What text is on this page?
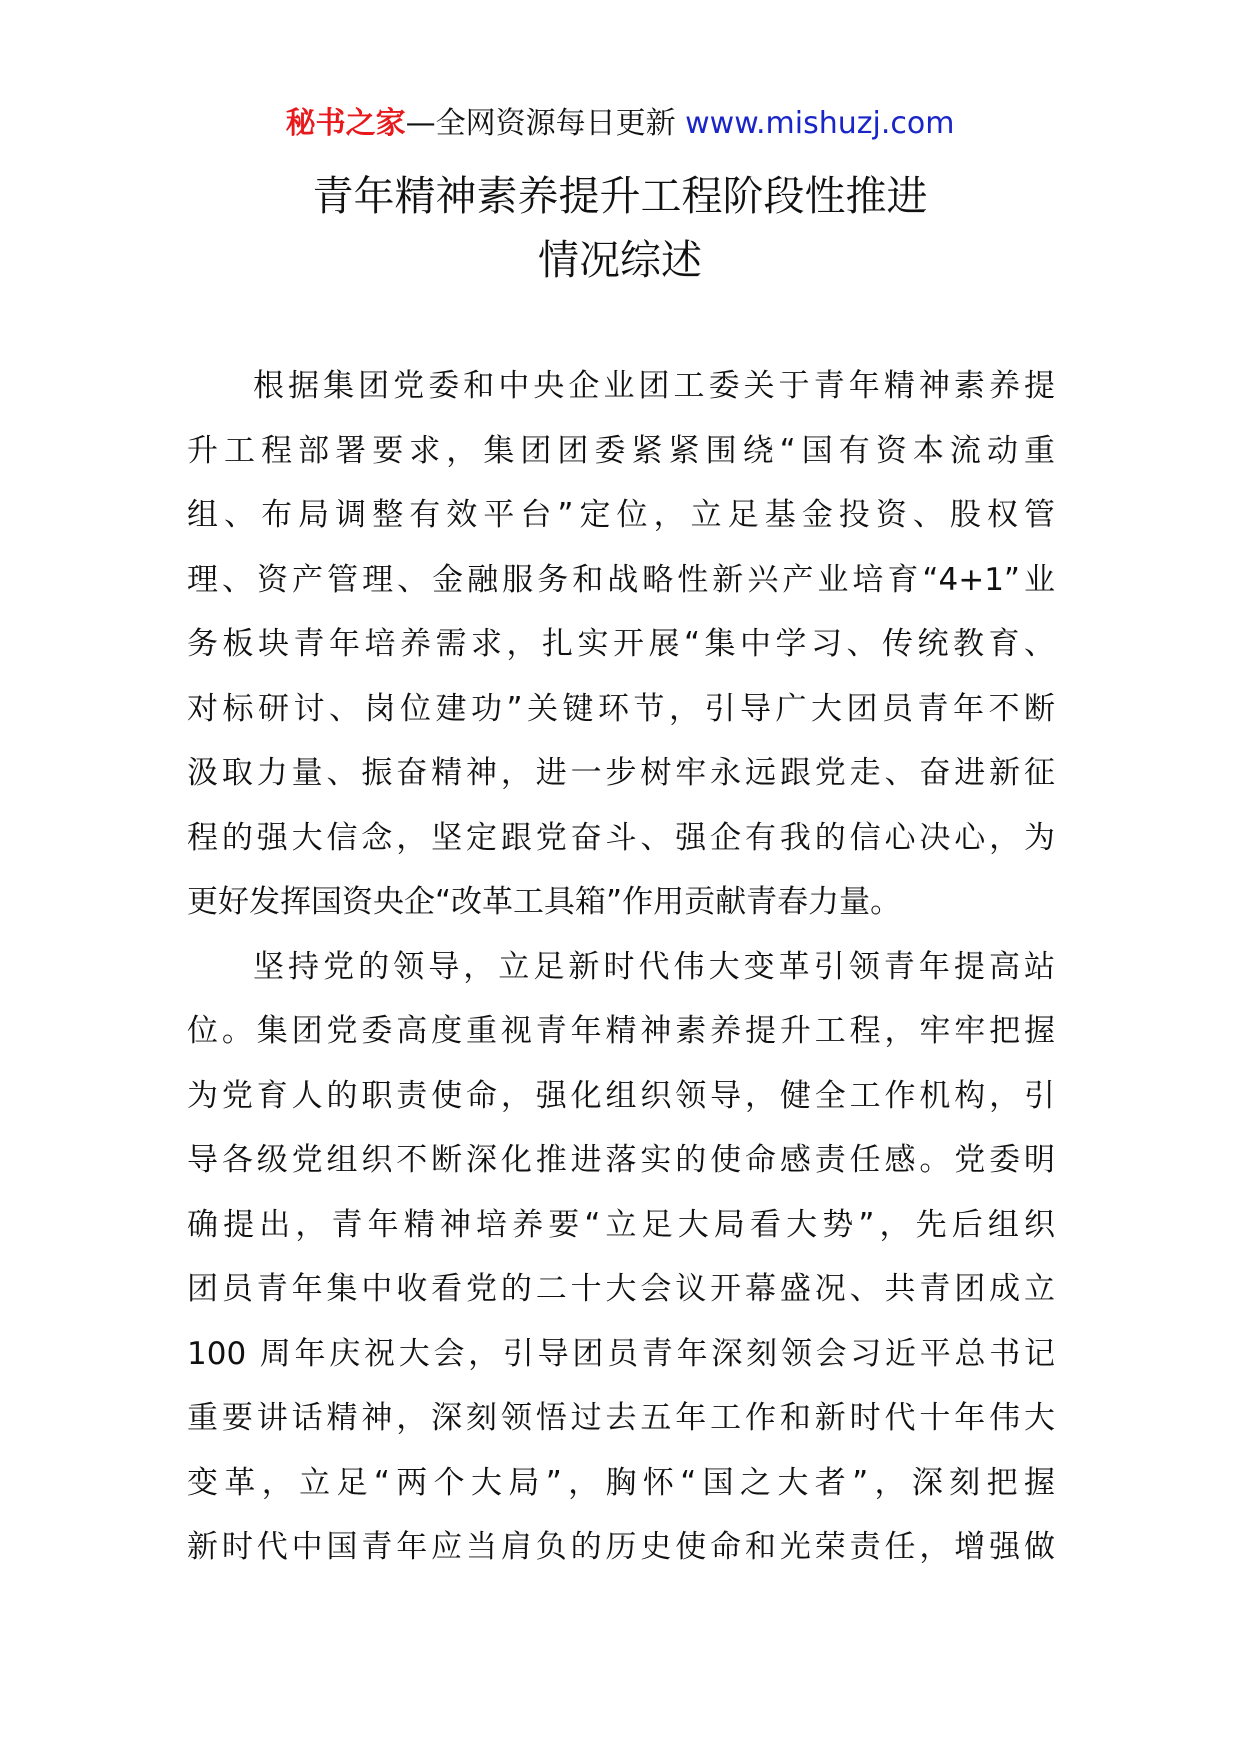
秘书之家—全网资源每日更新 www.mishuzj.com
青年精神素养提升工程阶段性推进
情况综述
根据集团党委和中央企业团工委关于青年精神素养提
升工程部署要求，集团团委紧紧围绕“国有资本流动重
组、布局调整有效平台”定位，立足基金投资、股权管
理、资产管理、金融服务和战略性新兴产业培育“4+1”业
务板块青年培养需求，扎实开展“集中学习、传统教育、
对标研讨、岗位建功”关键环节，引导广大团员青年不断
汲取力量、振奋精神，进一步树牢永远跟党走、奋进新征
程的强大信念，坚定跟党奋斗、强企有我的信心决心，为
更好发挥国资央企“改革工具箱”作用贡献青春力量。
坚持党的领导，立足新时代伟大变革引领青年提高站
位。集团党委高度重视青年精神素养提升工程，牢牢把握
为党育人的职责使命，强化组织领导，健全工作机构，引
导各级党组织不断深化推进落实的使命感责任感。党委明
确提出，青年精神培养要“立足大局看大势”，先后组织
团员青年集中收看党的二十大会议开幕盛况、共青团成立
100 周年庆祝大会，引导团员青年深刻领会习近平总书记
重要讲话精神，深刻领悟过去五年工作和新时代十年伟大
变革，立足“两个大局”，胸怀“国之大者”，深刻把握
新时代中国青年应当肩负的历史使命和光荣责任，增强做
